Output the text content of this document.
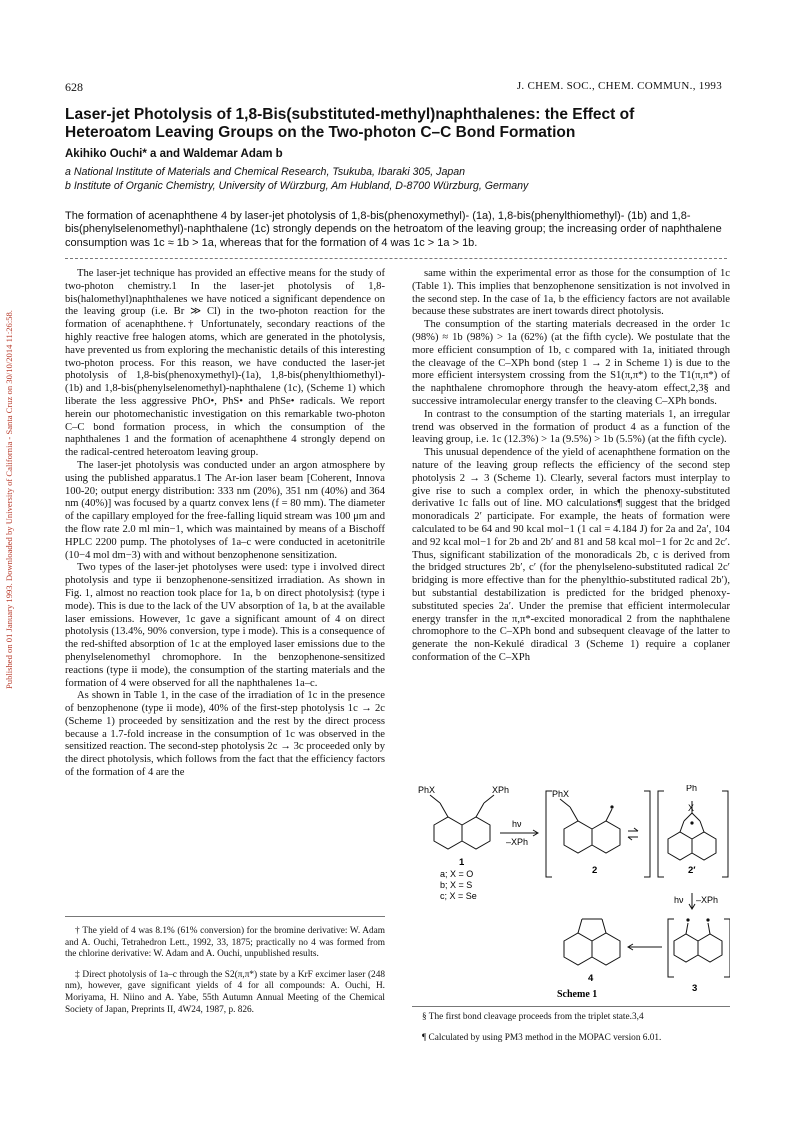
Published on 01 January 1993. Downloaded by University of California - Santa Cruz on 30/10/2014 11:26:58.
628	J. CHEM. SOC., CHEM. COMMUN., 1993
Laser-jet Photolysis of 1,8-Bis(substituted-methyl)naphthalenes: the Effect of Heteroatom Leaving Groups on the Two-photon C–C Bond Formation
Akihiko Ouchi* a and Waldemar Adam b
a National Institute of Materials and Chemical Research, Tsukuba, Ibaraki 305, Japan
b Institute of Organic Chemistry, University of Würzburg, Am Hubland, D-8700 Würzburg, Germany
The formation of acenaphthene 4 by laser-jet photolysis of 1,8-bis(phenoxymethyl)- (1a), 1,8-bis(phenylthiomethyl)- (1b) and 1,8-bis(phenylselenomethyl)-naphthalene (1c) strongly depends on the hetroatom of the leaving group; the increasing order of naphthalene consumption was 1c ≈ 1b > 1a, whereas that for the formation of 4 was 1c > 1a > 1b.

The laser-jet technique has provided an effective means for the study of two-photon chemistry.1 In the laser-jet photolysis of 1,8-bis(halomethyl)naphthalenes we have noticed a significant dependence on the leaving group (i.e. Br ≫ Cl) in the two-photon reaction for the formation of acenaphthene.† Unfortunately, secondary reactions of the highly reactive free halogen atoms, which are generated in the photolysis, have prevented us from exploring the mechanistic details of this interesting two-photon process. For this reason, we have conducted the laser-jet photolysis of 1,8-bis(phenoxymethyl)-(1a), 1,8-bis(phenylthiomethyl)- (1b) and 1,8-bis(phenylselenomethyl)-naphthalene (1c), (Scheme 1) which liberate the less aggressive PhO•, PhS• and PhSe• radicals. We report herein our photomechanistic investigation on this remarkable two-photon C–C bond formation process, in which the consumption of the naphthalenes 1 and the formation of acenaphthene 4 strongly depend on the radical-centred heteroatom leaving group.

The laser-jet photolysis was conducted under an argon atmosphere by using the published apparatus.1 The Ar-ion laser beam [Coherent, Innova 100-20; output energy distribution: 333 nm (20%), 351 nm (40%) and 364 nm (40%)] was focused by a quartz convex lens (f = 80 mm). The diameter of the capillary employed for the free-falling liquid stream was 100 μm and the flow rate 2.0 ml min−1, which was maintained by means of a Bischoff HPLC 2200 pump. The photolyses of 1a–c were conducted in acetonitrile (10−4 mol dm−3) with and without benzophenone sensitization.

Two types of the laser-jet photolyses were used: type i involved direct photolysis and type ii benzophenone-sensitized irradiation. As shown in Fig. 1, almost no reaction took place for 1a, b on direct photolysis‡ (type i mode). This is due to the lack of the UV absorption of 1a, b at the available laser emissions. However, 1c gave a significant amount of 4 on direct photolysis (13.4%, 90% conversion, type i mode). This is a consequence of the red-shifted absorption of 1c at the employed laser emissions due to the phenylselenomethyl chromophore. In the benzophenone-sensitized reactions (type ii mode), the consumption of the starting materials and the formation of 4 were observed for all the naphthalenes 1a–c.

As shown in Table 1, in the case of the irradiation of 1c in the presence of benzophenone (type ii mode), 40% of the first-step photolysis 1c → 2c (Scheme 1) proceeded by sensitization and the rest by the direct process because a 1.7-fold increase in the consumption of 1c was observed in the sensitized reaction. The second-step photolysis 2c → 3c proceeded only by the direct photolysis, which follows from the fact that the efficiency factors of the formation of 4 are the

same within the experimental error as those for the consumption of 1c (Table 1). This implies that benzophenone sensitization is not involved in the second step. In the case of 1a, b the efficiency factors are not available because these substrates are inert towards direct photolysis.

The consumption of the starting materials decreased in the order 1c (98%) ≈ 1b (98%) > 1a (62%) (at the fifth cycle). We postulate that the more efficient consumption of 1b, c compared with 1a, initiated through the cleavage of the C–XPh bond (step 1 → 2 in Scheme 1) is due to the more efficient intersystem crossing from the S1(π,π*) to the T1(π,π*) of the naphthalene chromophore through the heavy-atom effect,2,3§ and successive intramolecular energy transfer to the cleaving C–XPh bonds.

In contrast to the consumption of the starting materials 1, an irregular trend was observed in the formation of product 4 as a function of the leaving group, i.e. 1c (12.3%) > 1a (9.5%) > 1b (5.5%) (at the fifth cycle).

This unusual dependence of the yield of acenaphthene formation on the nature of the leaving group reflects the efficiency of the second step photolysis 2 → 3 (Scheme 1). Clearly, several factors must interplay to give rise to such a complex order, in which the phenoxy-substituted derivative 1c falls out of line. MO calculations¶ suggest that the bridged monoradicals 2′ participate. For example, the heats of formation were calculated to be 64 and 90 kcal mol−1 (1 cal = 4.184 J) for 2a and 2a′, 104 and 92 kcal mol−1 for 2b and 2b′ and 81 and 58 kcal mol−1 for 2c and 2c′. Thus, significant stabilization of the monoradicals 2b, c is derived from the bridged structures 2b′, c′ (for the phenylseleno-substituted radical 2c′ bridging is more effective than for the phenylthio-substituted radical 2b′), but substantial destabilization is predicted for the bridged phenoxy-substituted species 2a′. Under the premise that efficient intermolecular energy transfer in the π,π*-excited monoradical 2 from the naphthalene chromophore to the C–XPh bond and subsequent cleavage of the latter to generate the non-Kekulé diradical 3 (Scheme 1) require a coplaner conformation of the C–XPh

† The yield of 4 was 8.1% (61% conversion) for the bromine derivative: W. Adam and A. Ouchi, Tetrahedron Lett., 1992, 33, 1875; practically no 4 was formed from the chlorine derivative: W. Adam and A. Ouchi, unpublished results.

‡ Direct photolysis of 1a–c through the S2(π,π*) state by a KrF excimer laser (248 nm), however, gave significant yields of 4 for all compounds: A. Ouchi, H. Moriyama, H. Niino and A. Yabe, 55th Autumn Annual Meeting of the Chemical Society of Japan, Preprints II, 4W24, 1987, p. 826.

PhX	XPh	PhX
Ph
X
hν
–XPh
hν –XPh
1
2	2′
3
4
a; X = O
b; X = S
c; X = Se
Scheme 1

§ The first bond cleavage proceeds from the triplet state.3,4

¶ Calculated by using PM3 method in the MOPAC version 6.01.
